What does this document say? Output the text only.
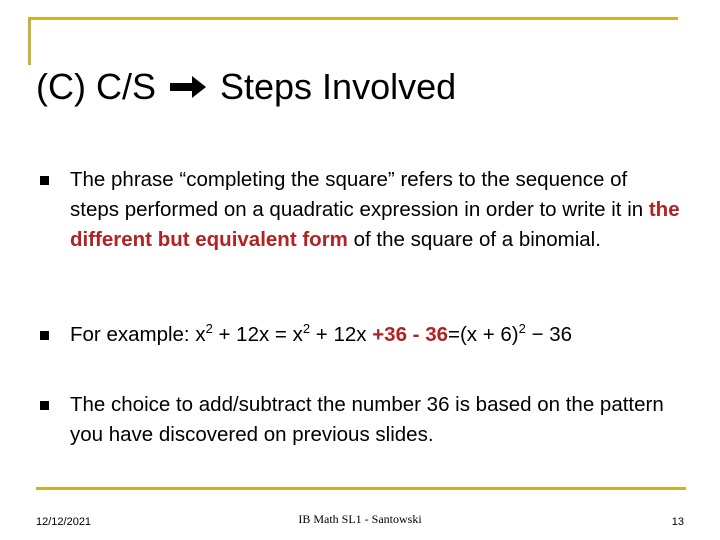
(C) C/S Steps Involved
The phrase “completing the square” refers to the sequence of steps performed on a quadratic expression in order to write it in the different but equivalent form of the square of a binomial.
For example: $x^2 + 12x = x^2 + 12x +36 - 36=(x + 6)^2 - 36$
The choice to add/subtract the number 36 is based on the pattern you have discovered on previous slides.
12/12/2021	IB Math SL1 - Santowski	13
